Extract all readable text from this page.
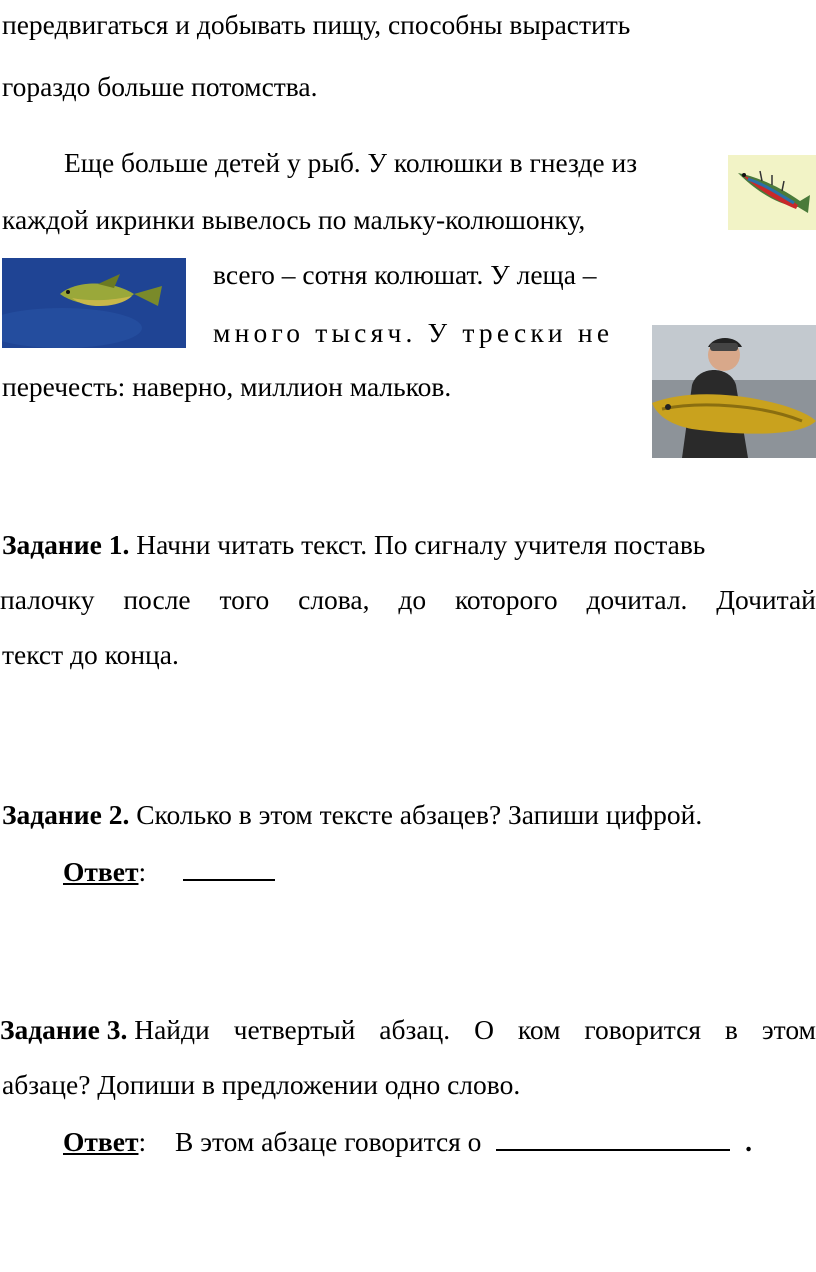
передвигаться и добывать пищу, способны вырастить
гораздо больше потомства.
Еще больше детей у рыб. У колюшки в гнезде из
каждой икринки вывелось по мальку-колюшонку,
всего – сотня колюшат. У леща –
много тысяч. У трески не
перечесть: наверно, миллион мальков.
Задание 1. Начни читать текст. По сигналу учителя поставь
палочку после того слова, до которого дочитал. Дочитай
текст до конца.
Задание 2. Сколько в этом тексте абзацев? Запиши цифрой.
Ответ:
Задание 3. Найди четвертый абзац. О ком говорится в этом
абзаце? Допиши в предложении одно слово.
Ответ: В этом абзаце говорится о	.
